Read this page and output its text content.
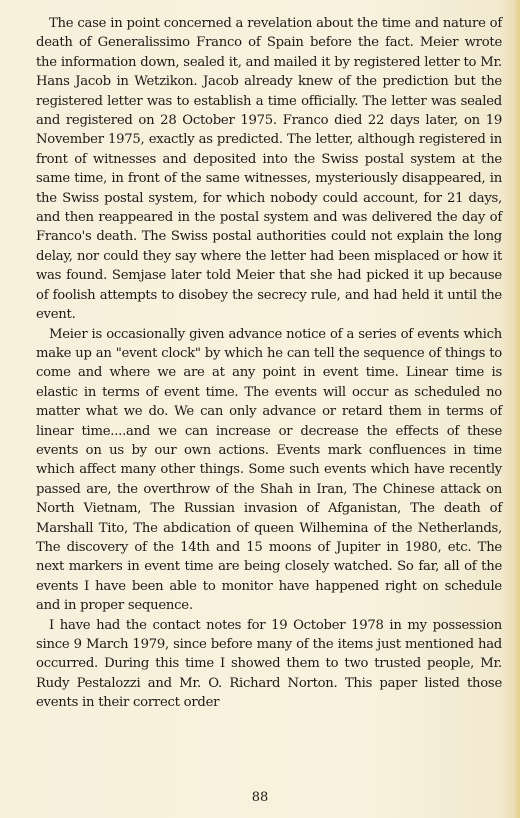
The case in point concerned a revelation about the time and nature of death of Generalissimo Franco of Spain before the fact. Meier wrote the information down, sealed it, and mailed it by registered letter to Mr. Hans Jacob in Wetzikon. Jacob already knew of the prediction but the registered letter was to establish a time officially. The letter was sealed and registered on 28 October 1975. Franco died 22 days later, on 19 November 1975, exactly as predicted. The letter, although registered in front of witnesses and deposited into the Swiss postal system at the same time, in front of the same witnesses, mysteriously disappeared, in the Swiss postal system, for which nobody could account, for 21 days, and then reappeared in the postal system and was delivered the day of Franco's death. The Swiss postal authorities could not explain the long delay, nor could they say where the letter had been misplaced or how it was found. Semjase later told Meier that she had picked it up because of foolish attempts to disobey the secrecy rule, and had held it until the event.

Meier is occasionally given advance notice of a series of events which make up an "event clock" by which he can tell the sequence of things to come and where we are at any point in event time. Linear time is elastic in terms of event time. The events will occur as scheduled no matter what we do. We can only advance or retard them in terms of linear time....and we can increase or decrease the effects of these events on us by our own actions. Events mark confluences in time which affect many other things. Some such events which have recently passed are, the overthrow of the Shah in Iran, The Chinese attack on North Vietnam, The Russian invasion of Afganistan, The death of Marshall Tito, The abdication of queen Wilhemina of the Netherlands, The discovery of the 14th and 15 moons of Jupiter in 1980, etc. The next markers in event time are being closely watched. So far, all of the events I have been able to monitor have happened right on schedule and in proper sequence.

I have had the contact notes for 19 October 1978 in my possession since 9 March 1979, since before many of the items just mentioned had occurred. During this time I showed them to two trusted people, Mr. Rudy Pestalozzi and Mr. O. Richard Norton. This paper listed those events in their correct order

88
